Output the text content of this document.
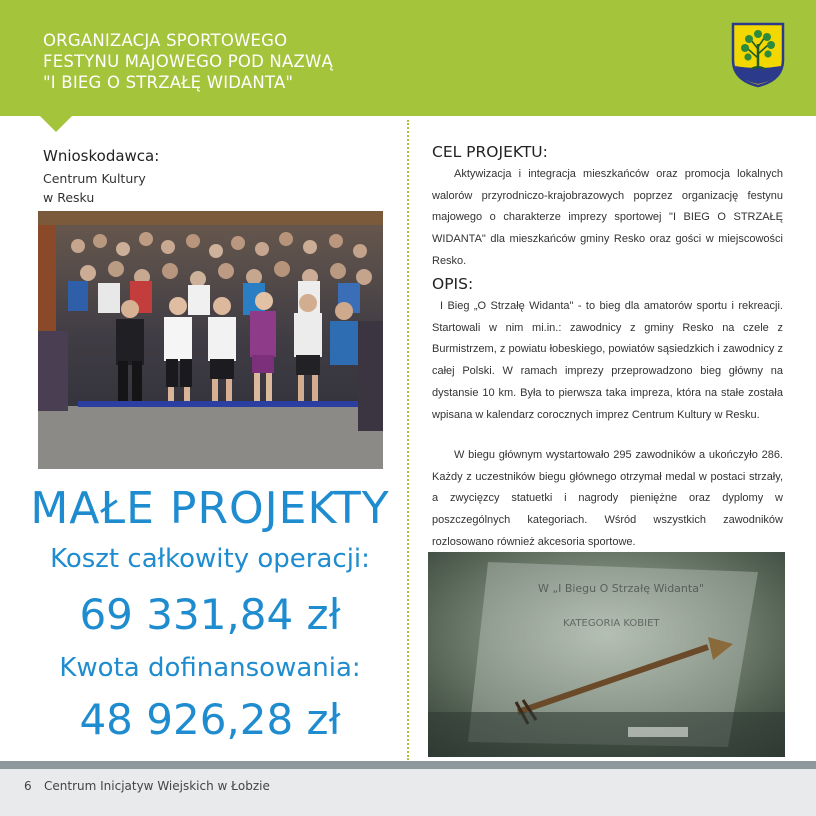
ORGANIZACJA SPORTOWEGO
FESTYNU MAJOWEGO POD NAZWĄ
"I BIEG O STRZAŁĘ WIDANTA"
Wnioskodawca:
Centrum Kultury
w Resku
MAŁE PROJEKTY
Koszt całkowity operacji:
69 331,84 zł
Kwota dofinansowania:
48 926,28 zł
CEL PROJEKTU:

Aktywizacja i integracja mieszkańców oraz promocja lokalnych walorów przyrodniczo-krajobrazowych poprzez organizację festynu majowego o charakterze imprezy sportowej "I BIEG O STRZAŁĘ WIDANTA" dla mieszkańców gminy Resko oraz gości w miejscowości Resko.

OPIS:

I Bieg „O Strzałę Widanta" - to bieg dla amatorów sportu i rekreacji. Startowali w nim mi.in.: zawodnicy z gminy Resko na czele z Burmistrzem, z powiatu łobeskiego, powiatów sąsiedzkich i zawodnicy z całej Polski. W ramach imprezy przeprowadzono bieg główny na dystansie 10 km. Była to pierwsza taka impreza, która na stałe została wpisana w kalendarz corocznych imprez Centrum Kultury w Resku.

W biegu głównym wystartowało 295 zawodników a ukończyło 286. Każdy z uczestników biegu głównego otrzymał medal w postaci strzały, a zwycięzcy statuetki i nagrody pieniężne oraz dyplomy w poszczególnych kategoriach. Wśród wszystkich zawodników rozlosowano również akcesoria sportowe.

W „I Biegu O Strzałę Widanta"
KATEGORIA KOBIET
6 Centrum Inicjatyw Wiejskich w Łobzie
